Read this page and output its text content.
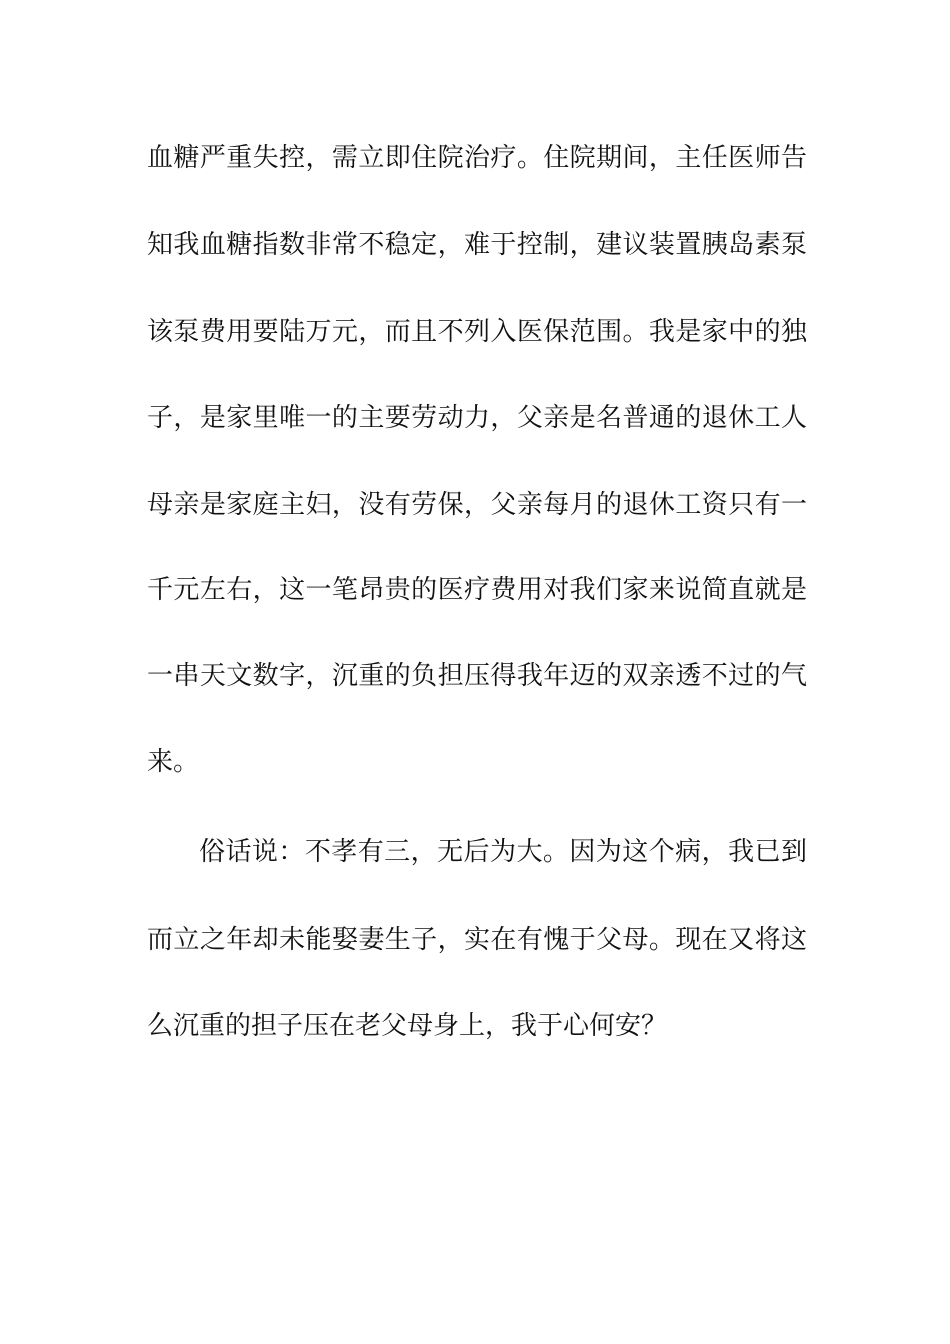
血糖严重失控，需立即住院治疗。住院期间，主任医师告
知我血糖指数非常不稳定，难于控制，建议装置胰岛素泵
该泵费用要陆万元，而且不列入医保范围。我是家中的独
子，是家里唯一的主要劳动力，父亲是名普通的退休工人
母亲是家庭主妇，没有劳保，父亲每月的退休工资只有一
千元左右，这一笔昂贵的医疗费用对我们家来说简直就是
一串天文数字，沉重的负担压得我年迈的双亲透不过的气
来。
俗话说：不孝有三，无后为大。因为这个病，我已到
而立之年却未能娶妻生子，实在有愧于父母。现在又将这
么沉重的担子压在老父母身上，我于心何安？
